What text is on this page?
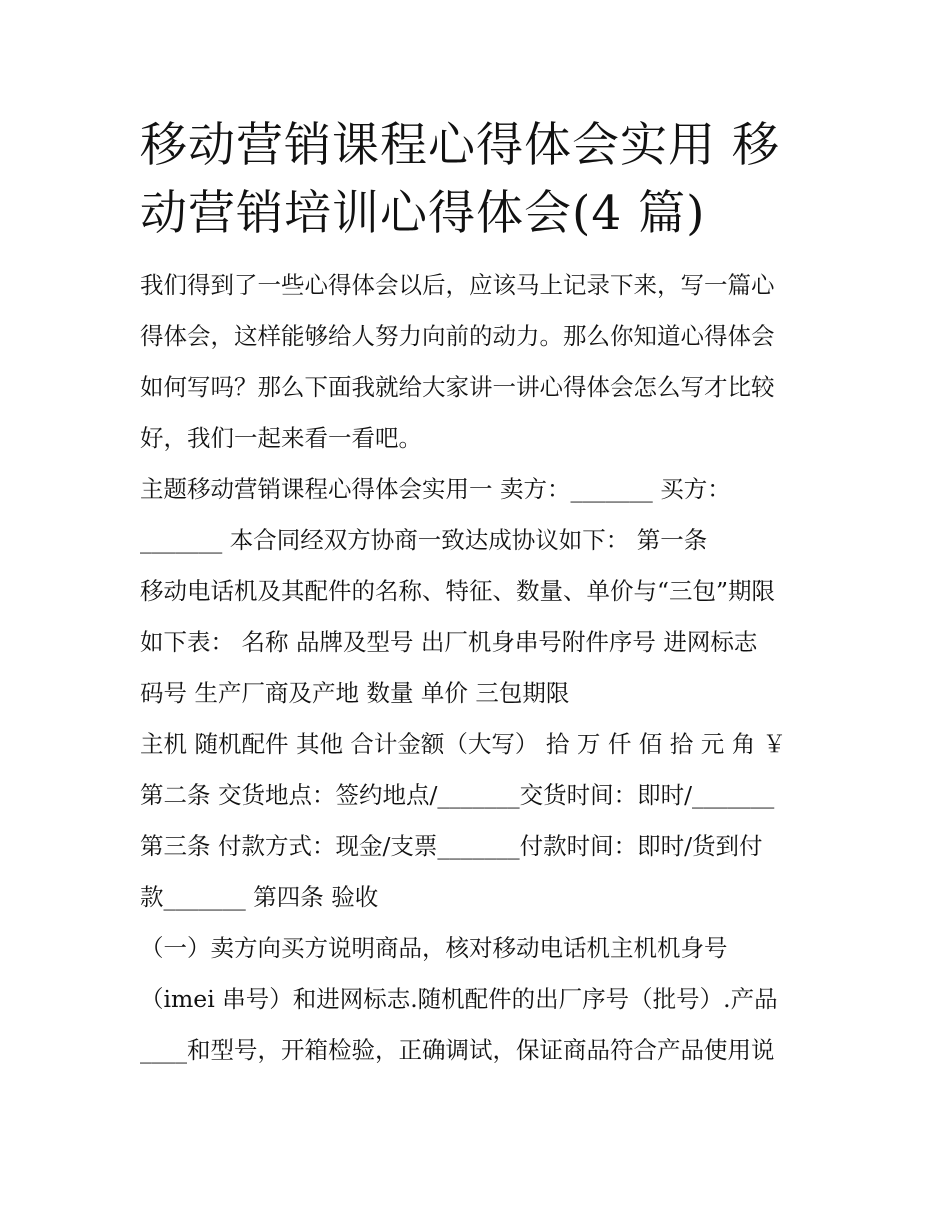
移动营销课程心得体会实用 移
动营销培训心得体会(4 篇)
我们得到了一些心得体会以后，应该马上记录下来，写一篇心
得体会，这样能够给人努力向前的动力。那么你知道心得体会
如何写吗？那么下面我就给大家讲一讲心得体会怎么写才比较
好，我们一起来看一看吧。
主题移动营销课程心得体会实用一 卖方：_______ 买方：
_______ 本合同经双方协商一致达成协议如下： 第一条
移动电话机及其配件的名称、特征、数量、单价与“三包”期限
如下表： 名称 品牌及型号 出厂机身串号附件序号 进网标志
码号 生产厂商及产地 数量 单价 三包期限
主机 随机配件 其他 合计金额（大写） 拾 万 仟 佰 拾 元 角 ￥
第二条 交货地点：签约地点/_______交货时间：即时/_______
第三条 付款方式：现金/支票_______付款时间：即时/货到付
款_______ 第四条 验收
（一）卖方向买方说明商品，核对移动电话机主机机身号
（imei 串号）和进网标志.随机配件的出厂序号（批号）.产品
____和型号，开箱检验，正确调试，保证商品符合产品使用说
